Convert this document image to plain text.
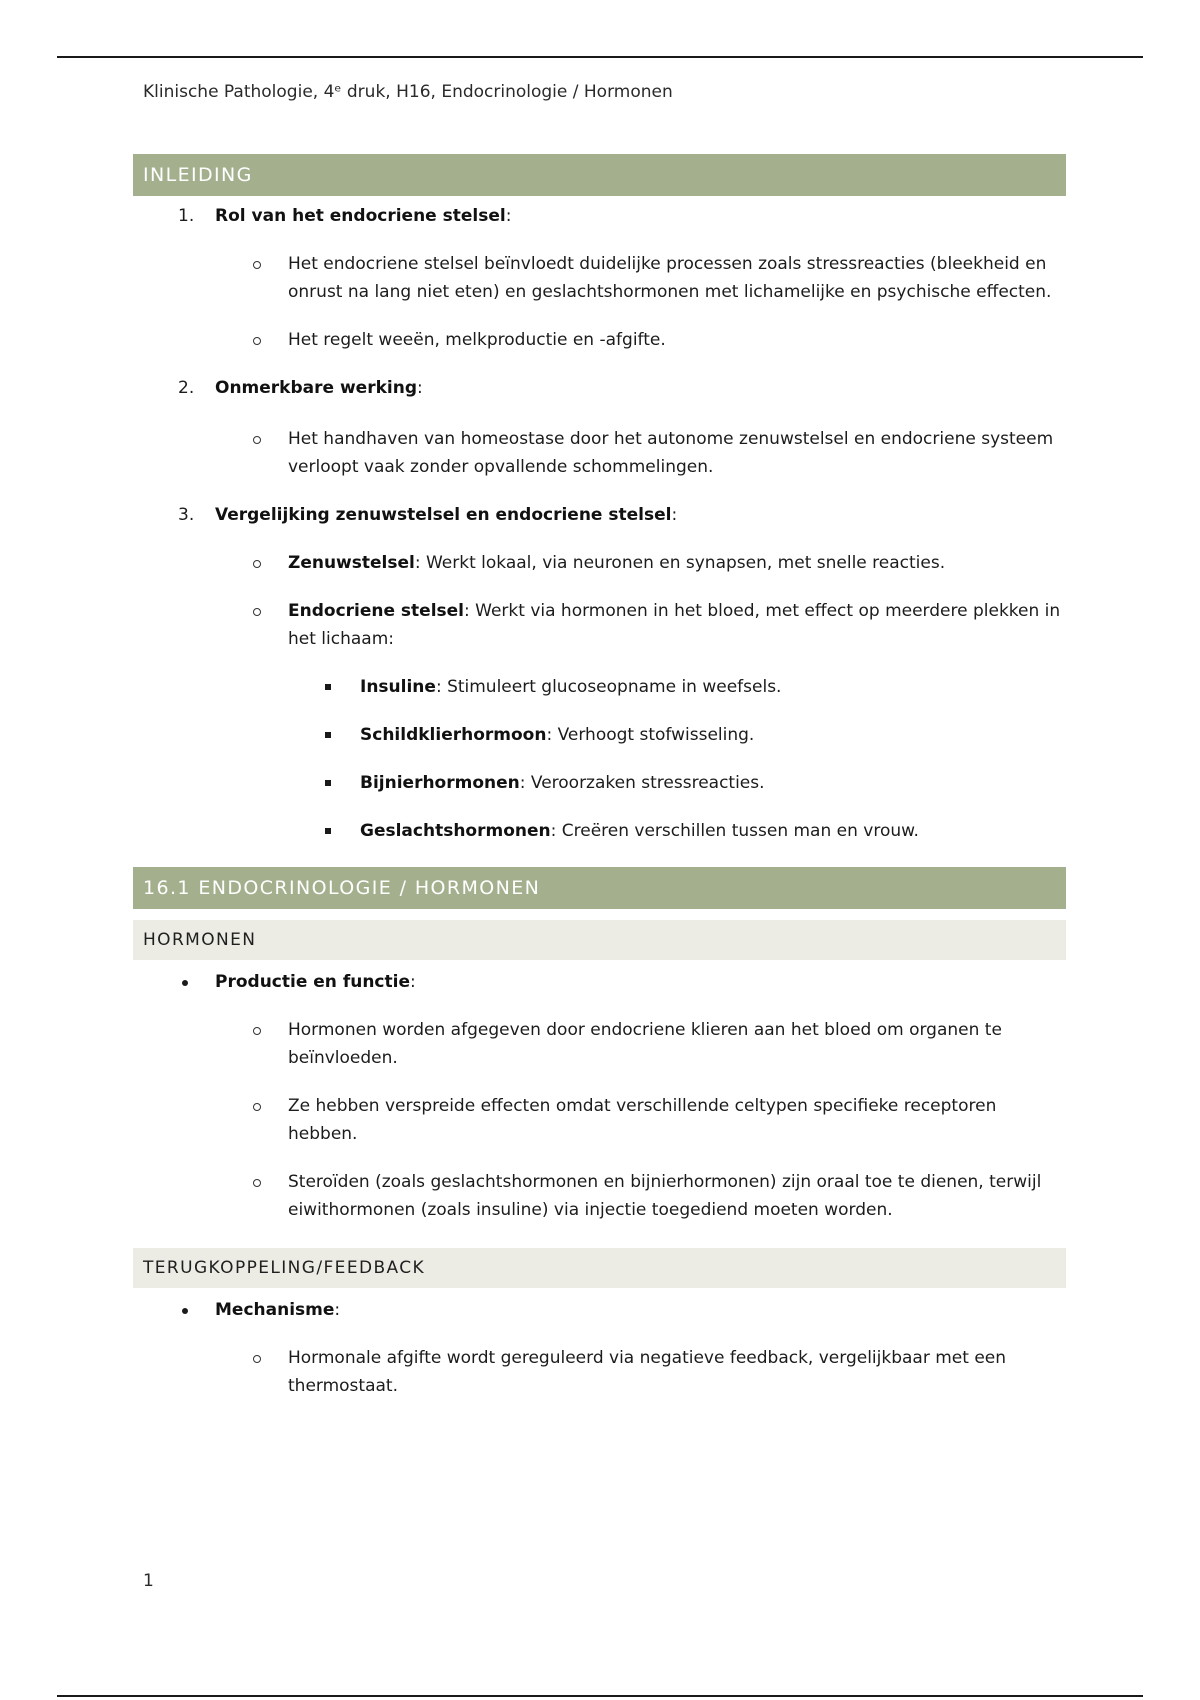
Klinische Pathologie, 4ᵉ druk, H16, Endocrinologie / Hormonen
INLEIDING
1. Rol van het endocriene stelsel:
Het endocriene stelsel beïnvloedt duidelijke processen zoals stressreacties (bleekheid en onrust na lang niet eten) en geslachtshormonen met lichamelijke en psychische effecten.
Het regelt weeën, melkproductie en -afgifte.
2. Onmerkbare werking:
Het handhaven van homeostase door het autonome zenuwstelsel en endocriene systeem verloopt vaak zonder opvallende schommelingen.
3. Vergelijking zenuwstelsel en endocriene stelsel:
Zenuwstelsel: Werkt lokaal, via neuronen en synapsen, met snelle reacties.
Endocriene stelsel: Werkt via hormonen in het bloed, met effect op meerdere plekken in het lichaam:
Insuline: Stimuleert glucoseopname in weefsels.
Schildklierhormoon: Verhoogt stofwisseling.
Bijnierhormonen: Veroorzaken stressreacties.
Geslachtshormonen: Creëren verschillen tussen man en vrouw.
16.1 ENDOCRINOLOGIE / HORMONEN
HORMONEN
Productie en functie:
Hormonen worden afgegeven door endocriene klieren aan het bloed om organen te beïnvloeden.
Ze hebben verspreide effecten omdat verschillende celtypen specifieke receptoren hebben.
Steroïden (zoals geslachtshormonen en bijnierhormonen) zijn oraal toe te dienen, terwijl eiwithormonen (zoals insuline) via injectie toegediend moeten worden.
TERUGKOPPELING/FEEDBACK
Mechanisme:
Hormonale afgifte wordt gereguleerd via negatieve feedback, vergelijkbaar met een thermostaat.
1
